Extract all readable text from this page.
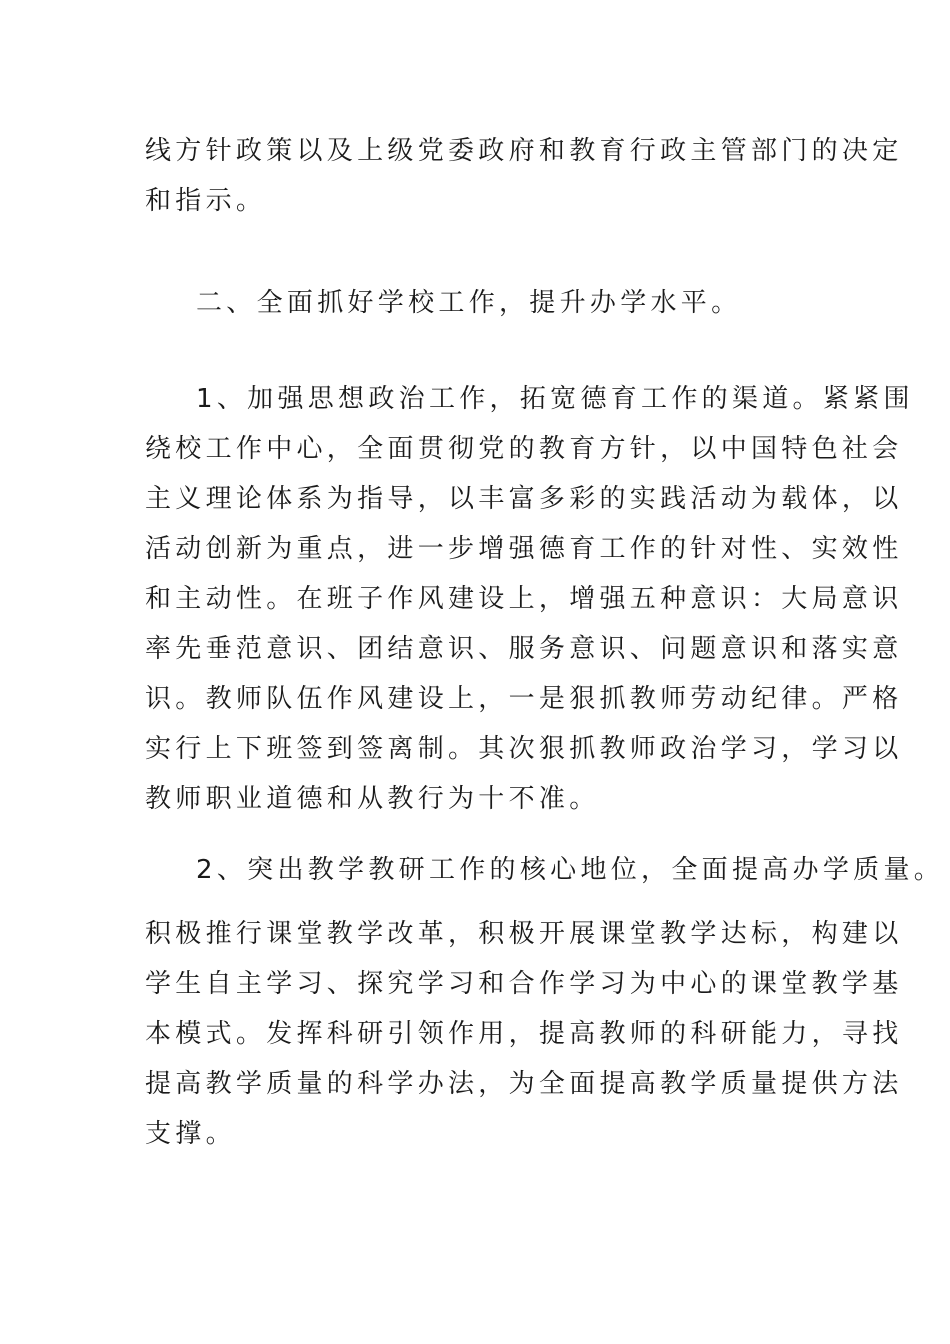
线方针政策以及上级党委政府和教育行政主管部门的决定
和指示。
二、全面抓好学校工作，提升办学水平。
1、加强思想政治工作，拓宽德育工作的渠道。紧紧围
绕校工作中心，全面贯彻党的教育方针，以中国特色社会
主义理论体系为指导，以丰富多彩的实践活动为载体，以
活动创新为重点，进一步增强德育工作的针对性、实效性
和主动性。在班子作风建设上，增强五种意识：大局意识
率先垂范意识、团结意识、服务意识、问题意识和落实意
识。教师队伍作风建设上，一是狠抓教师劳动纪律。严格
实行上下班签到签离制。其次狠抓教师政治学习，学习以
教师职业道德和从教行为十不准。
2、突出教学教研工作的核心地位，全面提高办学质量。
积极推行课堂教学改革，积极开展课堂教学达标，构建以
学生自主学习、探究学习和合作学习为中心的课堂教学基
本模式。发挥科研引领作用，提高教师的科研能力，寻找
提高教学质量的科学办法，为全面提高教学质量提供方法
支撑。
